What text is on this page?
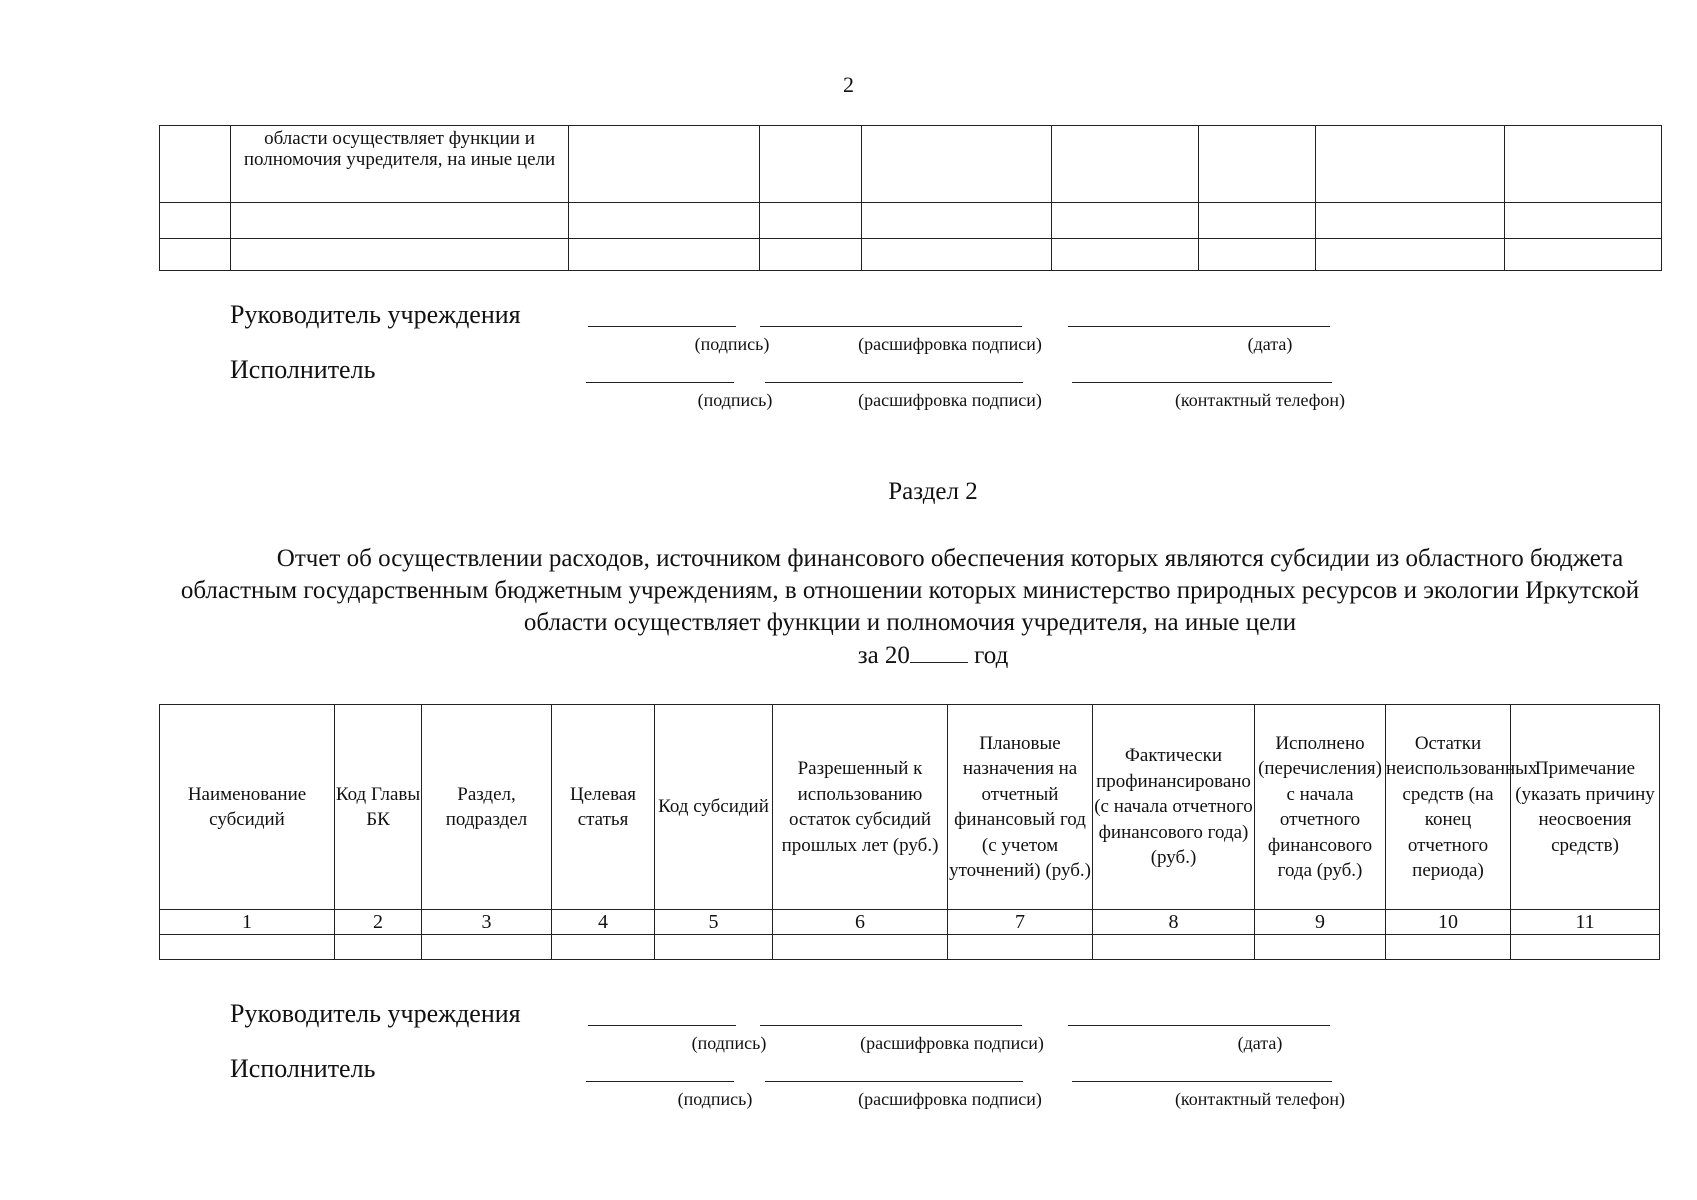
2
	области осуществляет функции и полномочия учредителя, на иные цели							

Руководитель учреждения
(подпись)	(расшифровка подписи)	(дата)
Исполнитель
(подпись)	(расшифровка подписи)	(контактный телефон)
Раздел 2
Отчет об осуществлении расходов, источником финансового обеспечения которых являются субсидии из областного бюджета областным государственным бюджетным учреждениям, в отношении которых министерство природных ресурсов и экологии Иркутской области осуществляет функции и полномочия учредителя, на иные цели
за 20	год
Наименование субсидий	Код Главы БК	Раздел, подраздел	Целевая статья	Код субсидий	Разрешенный к использованию остаток субсидий прошлых лет (руб.)	Плановые назначения на отчетный финансовый год (с учетом уточнений) (руб.)	Фактически профинансировано (с начала отчетного финансового года) (руб.)	Исполнено (перечисления) с начала отчетного финансового года (руб.)	Остатки неиспользованных средств (на конец отчетного периода)	Примечание (указать причину неосвоения средств)
1	2	3	4	5	6	7	8	9	10	11

Руководитель учреждения
(подпись)	(расшифровка подписи)	(дата)
Исполнитель
(подпись)	(расшифровка подписи)	(контактный телефон)
